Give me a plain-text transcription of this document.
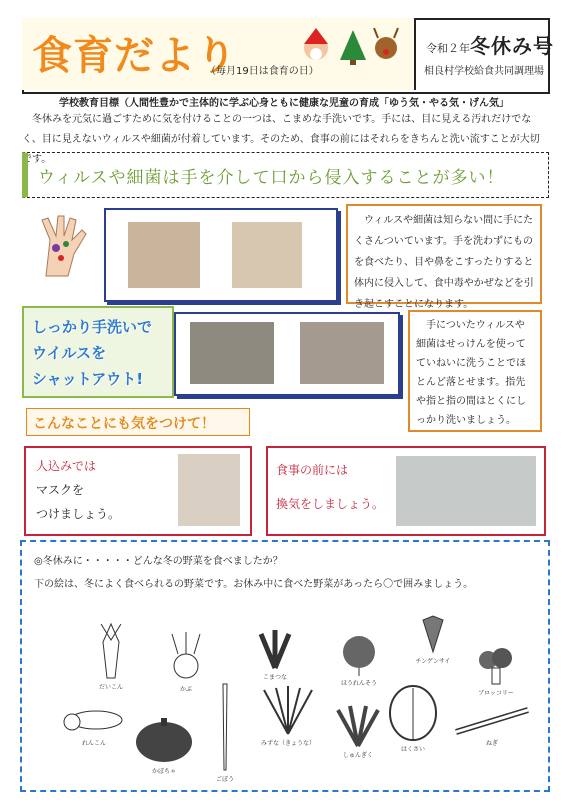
食育だより
（毎月19日は食育の日）
令和２年 冬休み号
相良村学校給食共同調理場
学校教育目標（人間性豊かで主体的に学ぶ心身ともに健康な児童の育成「ゆう気・やる気・げん気」
冬休みを元気に過ごすために気を付けることの一つは、こまめな手洗いです。手には、目に見える汚れだけでなく、目に見えないウィルスや細菌が付着しています。そのため、食事の前にはそれらをきちんと洗い流すことが大切です。
ウィルスや細菌は手を介して口から侵入することが多い！
ウィルスや細菌は知らない間に手にたくさんついています。手を洗わずにものを食べたり、目や鼻をこすったりすると体内に侵入して、食中毒やかぜなどを引き起こすことになります。
しっかり手洗いで
ウイルスを
シャットアウト!
手についたウィルスや細菌はせっけんを使ってていねいに洗うことでほとんど落とせます。指先や指と指の間はとくにしっかり洗いましょう。
こんなことにも気をつけて！
人込みでは
マスクを
つけましょう。
食事の前には
換気をしましょう。
◎冬休みに・・・・・どんな冬の野菜を食べましたか？
下の絵は、冬によく食べられるの野菜です。お休み中に食べた野菜があったら〇で囲みましょう。
だいこん	かぶ
こまつな
ほうれんそう
チンゲンサイ
ブロッコリー
れんこん
かぼちゃ
ごぼう
みずな（きょうな）
しゅんぎく
はくさい
ねぎ
